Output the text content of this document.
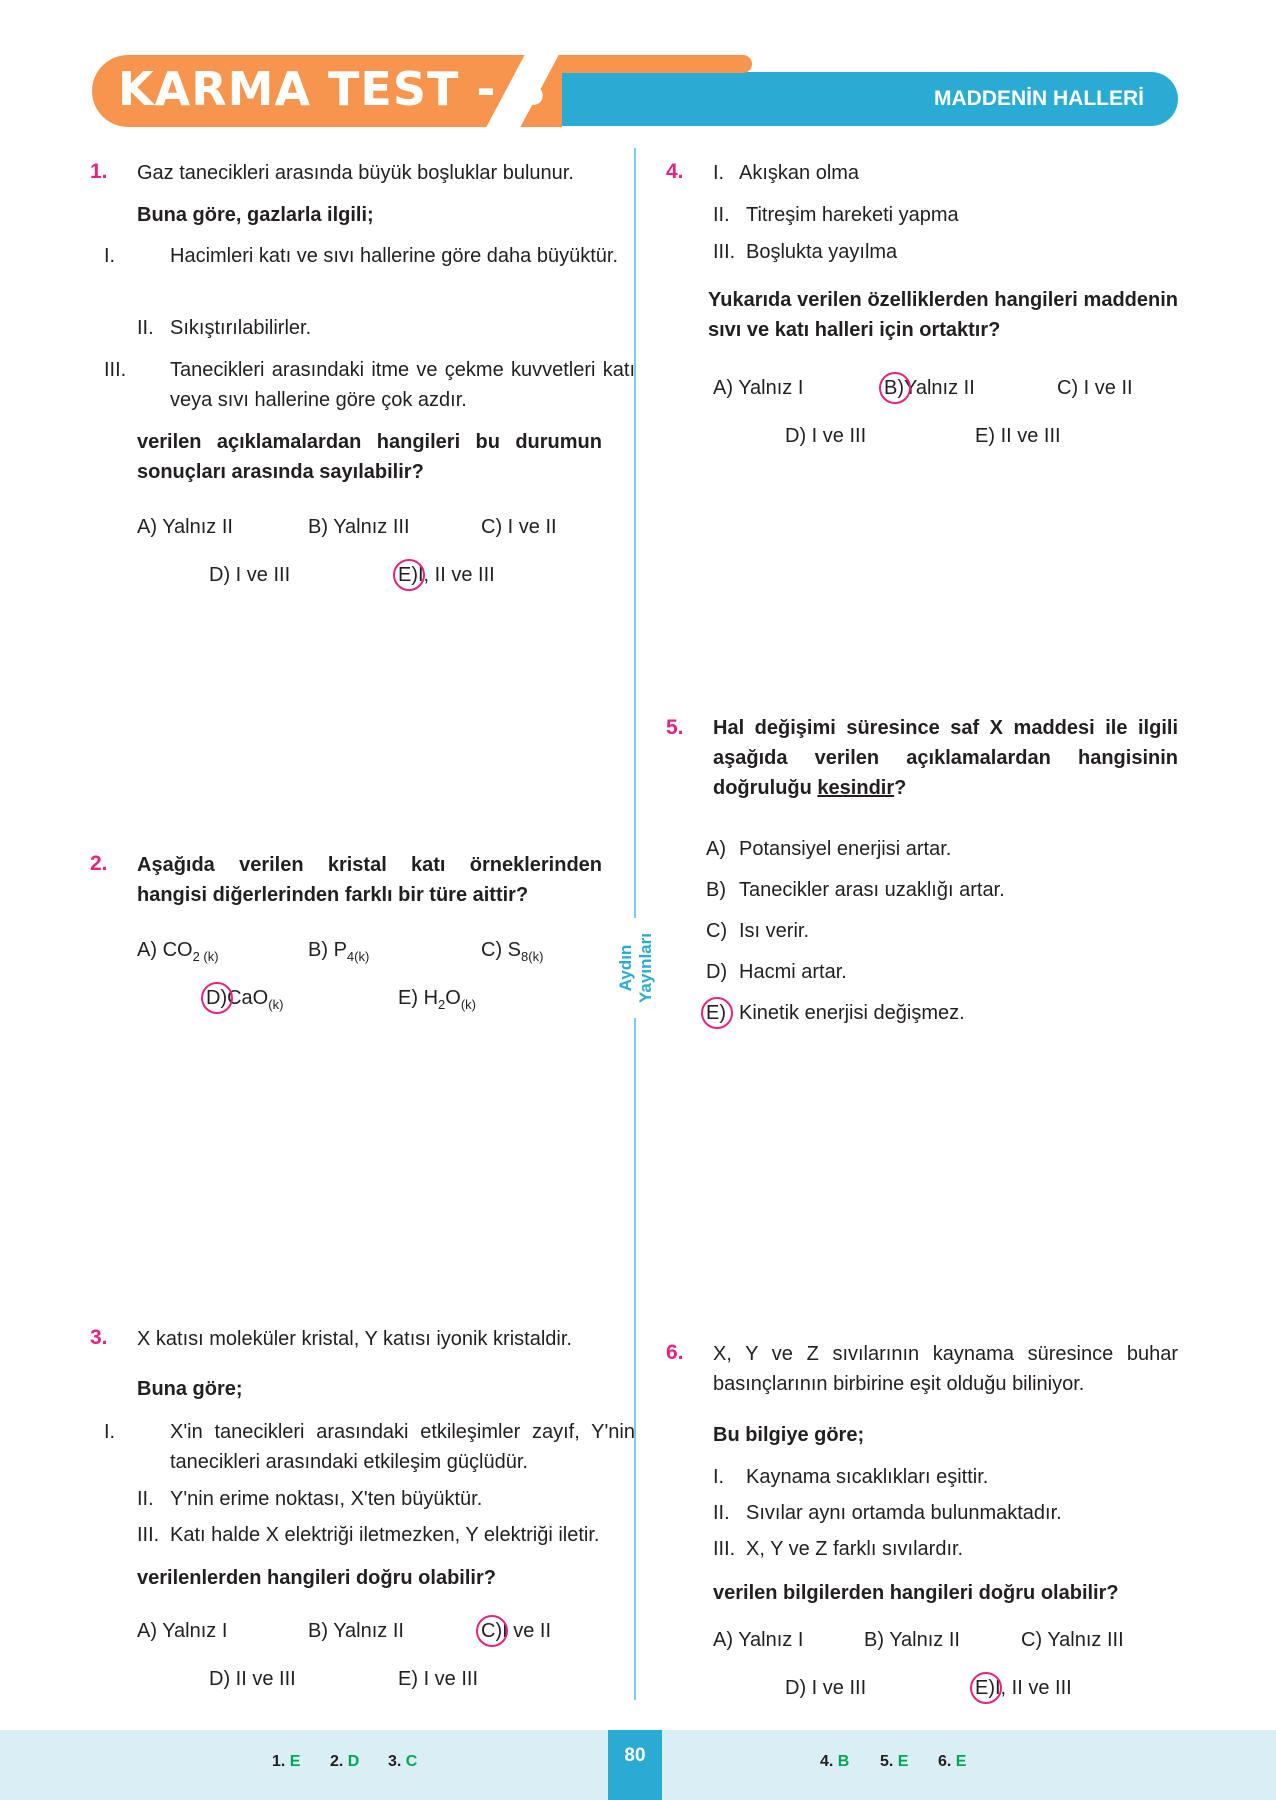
KARMA TEST - 8	MADDENİN HALLERİ
Aydın Yayınları
1. Gaz tanecikleri arasında büyük boşluklar bulunur.
Buna göre, gazlarla ilgili;
I.	Hacimleri katı ve sıvı hallerine göre daha büyüktür.
II. Sıkıştırılabilirler.
III. Tanecikleri arasındaki itme ve çekme kuvvetleri katı veya sıvı hallerine göre çok azdır.
verilen açıklamalardan hangileri bu durumun sonuçları arasında sayılabilir?
A) Yalnız II	B) Yalnız III	C) I ve II
D) I ve III	E)I, II ve III
2. Aşağıda verilen kristal katı örneklerinden hangisi diğerlerinden farklı bir türe aittir?
A) $CO_{2 (k)}$	B) $P_{4(k)}$	C) $S_{8(k)}$
D)CaO$_{(k)}$	E) $H_2O_{(k)}$
3. X katısı moleküler kristal, Y katısı iyonik kristaldir.
Buna göre;
I.	X'in tanecikleri arasındaki etkileşimler zayıf, Y'nin tanecikleri arasındaki etkileşim güçlüdür.
II. Y'nin erime noktası, X'ten büyüktür.
III. Katı halde X elektriği iletmezken, Y elektriği iletir.
verilenlerden hangileri doğru olabilir?
A) Yalnız I	B) Yalnız II	C)I ve II
D) II ve III	E) I ve III
4. I. Akışkan olma
II. Titreşim hareketi yapma
III. Boşlukta yayılma
Yukarıda verilen özelliklerden hangileri maddenin sıvı ve katı halleri için ortaktır?
A) Yalnız I	B)Yalnız II	C) I ve II
D) I ve III	E) II ve III
5. Hal değişimi süresince saf X maddesi ile ilgili aşağıda verilen açıklamalardan hangisinin doğruluğu kesindir?
A) Potansiyel enerjisi artar.
B) Tanecikler arası uzaklığı artar.
C) Isı verir.
D) Hacmi artar.
E) Kinetik enerjisi değişmez.
6. X, Y ve Z sıvılarının kaynama süresince buhar basınçlarının birbirine eşit olduğu biliniyor.
Bu bilgiye göre;
I. Kaynama sıcaklıkları eşittir.
II. Sıvılar aynı ortamda bulunmaktadır.
III. X, Y ve Z farklı sıvılardır.
verilen bilgilerden hangileri doğru olabilir?
A) Yalnız I	B) Yalnız II	C) Yalnız III
D) I ve III	E)I, II ve III
80
1. E 2. D 3. C	4. B 5. E 6. E
